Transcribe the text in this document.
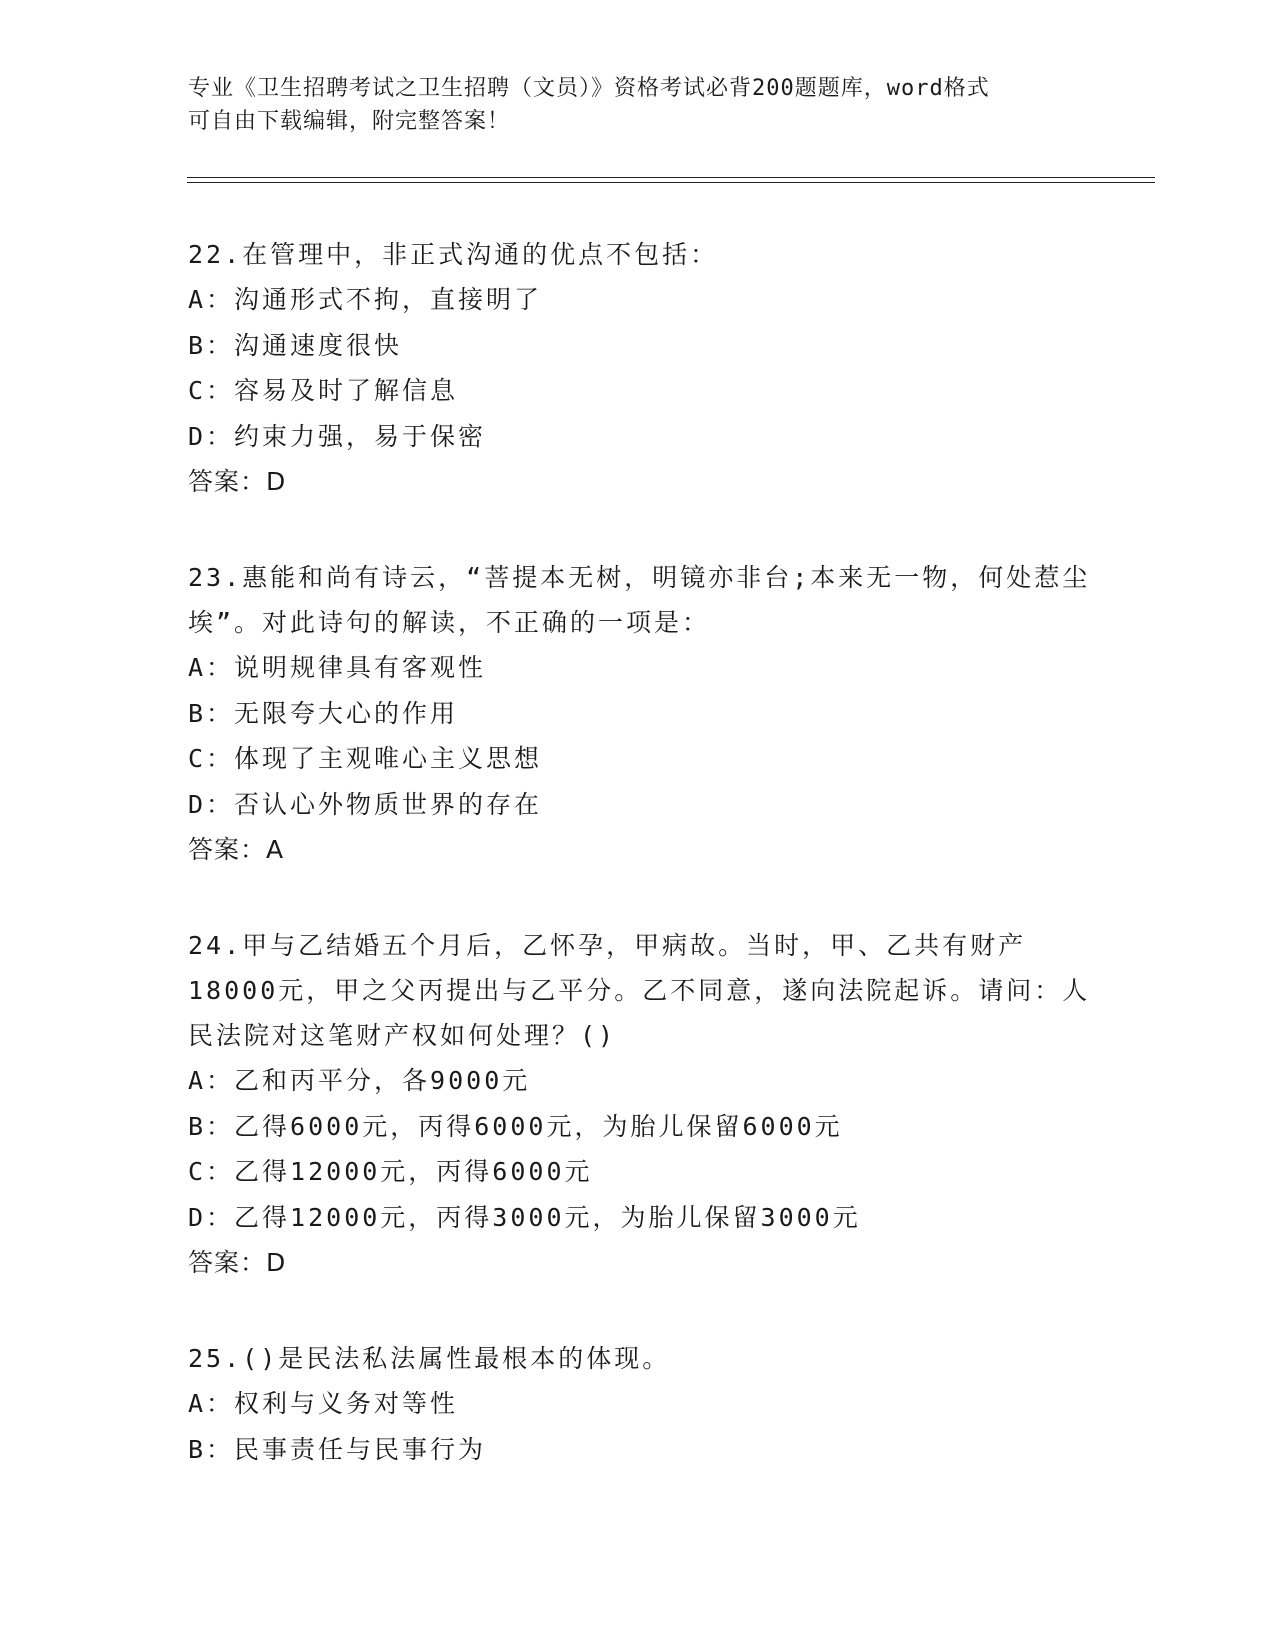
专业《卫生招聘考试之卫生招聘（文员）》资格考试必背200题题库，word格式
可自由下载编辑，附完整答案！

22.在管理中，非正式沟通的优点不包括：

A：沟通形式不拘，直接明了

B：沟通速度很快

C：容易及时了解信息

D：约束力强，易于保密

答案：D

23.惠能和尚有诗云，“菩提本无树，明镜亦非台;本来无一物，何处惹尘埃”。对此诗句的解读，不正确的一项是：

A：说明规律具有客观性

B：无限夸大心的作用

C：体现了主观唯心主义思想

D：否认心外物质世界的存在

答案：A

24.甲与乙结婚五个月后，乙怀孕，甲病故。当时，甲、乙共有财产18000元，甲之父丙提出与乙平分。乙不同意，遂向法院起诉。请问：人民法院对这笔财产权如何处理？()

A：乙和丙平分，各9000元

B：乙得6000元，丙得6000元，为胎儿保留6000元

C：乙得12000元，丙得6000元

D：乙得12000元，丙得3000元，为胎儿保留3000元

答案：D

25.()是民法私法属性最根本的体现。

A：权利与义务对等性

B：民事责任与民事行为
